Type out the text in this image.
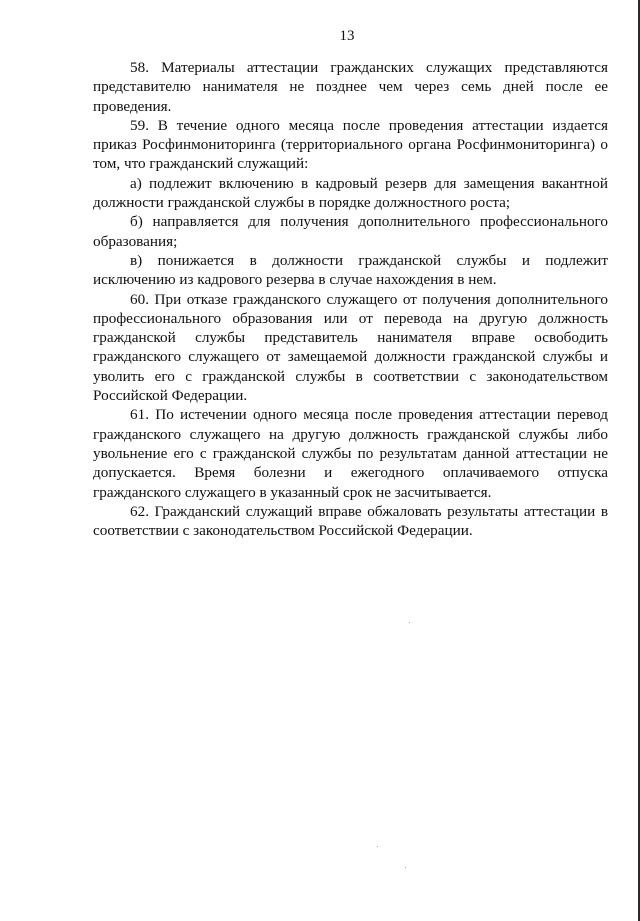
13

58. Материалы аттестации гражданских служащих представляются представителю нанимателя не позднее чем через семь дней после ее проведения.

59. В течение одного месяца после проведения аттестации издается приказ Росфинмониторинга (территориального органа Росфинмониторинга) о том, что гражданский служащий:

а) подлежит включению в кадровый резерв для замещения вакантной должности гражданской службы в порядке должностного роста;

б) направляется для получения дополнительного профессионального образования;

в) понижается в должности гражданской службы и подлежит исключению из кадрового резерва в случае нахождения в нем.

60. При отказе гражданского служащего от получения дополнительного профессионального образования или от перевода на другую должность гражданской службы представитель нанимателя вправе освободить гражданского служащего от замещаемой должности гражданской службы и уволить его с гражданской службы в соответствии с законодательством Российской Федерации.

61. По истечении одного месяца после проведения аттестации перевод гражданского служащего на другую должность гражданской службы либо увольнение его с гражданской службы по результатам данной аттестации не допускается. Время болезни и ежегодного оплачиваемого отпуска гражданского служащего в указанный срок не засчитывается.

62. Гражданский служащий вправе обжаловать результаты аттестации в соответствии с законодательством Российской Федерации.
